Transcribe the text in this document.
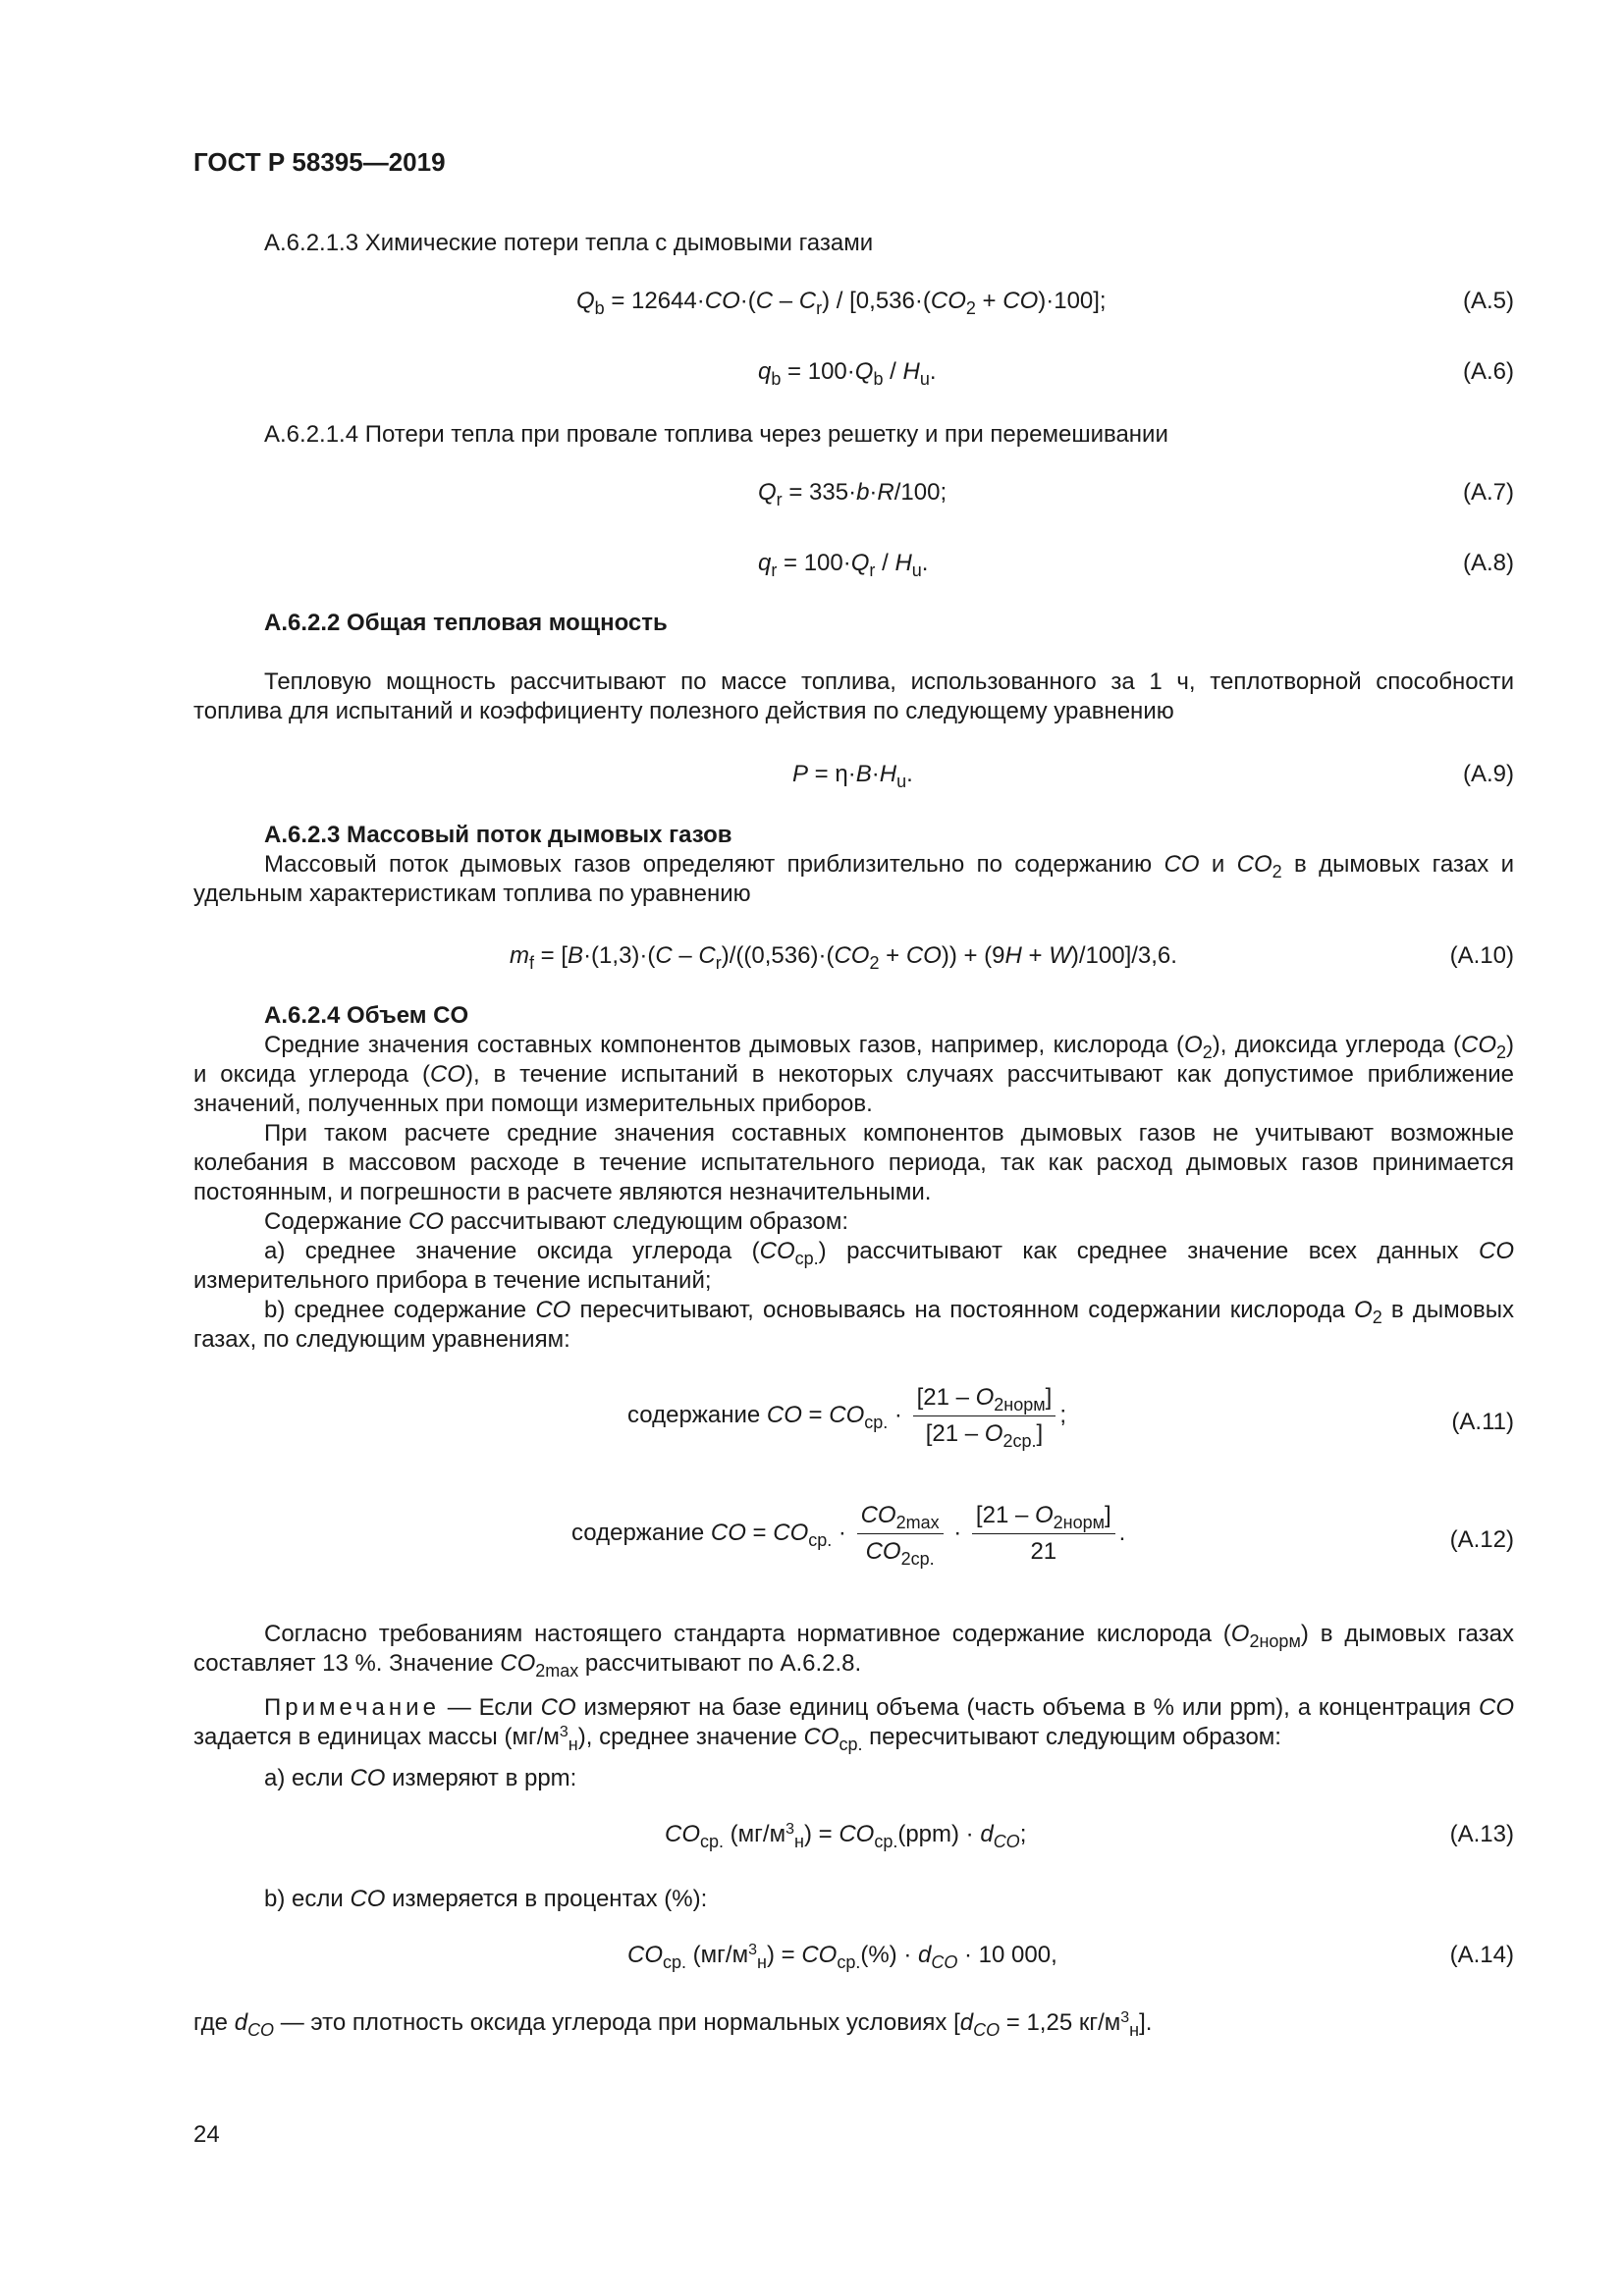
ГОСТ Р 58395—2019
А.6.2.1.3 Химические потери тепла с дымовыми газами
$Q_b = 12644\cdot CO\cdot(C - C_r) / [0,536\cdot(CO_2 + CO)\cdot 100]$;	(А.5)
$q_b = 100\cdot Q_b / H_u$.	(А.6)
А.6.2.1.4 Потери тепла при провале топлива через решетку и при перемешивании
$Q_r = 335\cdot b\cdot R/100$;	(А.7)
$q_r = 100\cdot Q_r / H_u$.	(А.8)
А.6.2.2 Общая тепловая мощность
Тепловую мощность рассчитывают по массе топлива, использованного за 1 ч, теплотворной способности топлива для испытаний и коэффициенту полезного действия по следующему уравнению
$P = \eta\cdot B\cdot H_u$.	(А.9)
А.6.2.3 Массовый поток дымовых газов
Массовый поток дымовых газов определяют приблизительно по содержанию CO и $CO_2$ в дымовых газах и удельным характеристикам топлива по уравнению
$m_f = [B\cdot(1,3)\cdot(C - C_r)/((0,536)\cdot(CO_2 + CO)) + (9H + W)/100]/3,6$.	(А.10)
А.6.2.4 Объем CO
Средние значения составных компонентов дымовых газов, например, кислорода $(O_2)$, диоксида углерода $(CO_2)$ и оксида углерода (CO), в течение испытаний в некоторых случаях рассчитывают как допустимое приближение значений, полученных при помощи измерительных приборов.
При таком расчете средние значения составных компонентов дымовых газов не учитывают возможные колебания в массовом расходе в течение испытательного периода, так как расход дымовых газов принимается постоянным, и погрешности в расчете являются незначительными.
Содержание CO рассчитывают следующим образом:
a) среднее значение оксида углерода $(CO_{ср.})$ рассчитывают как среднее значение всех данных CO измерительного прибора в течение испытаний;
b) среднее содержание CO пересчитывают, основываясь на постоянном содержании кислорода $O_2$ в дымовых газах, по следующим уравнениям:
содержание CO = $CO_{ср.} \cdot \frac{[21 - O_{2норм}]}{[21 - O_{2ср.}]}$ ;	(А.11)
содержание CO = $CO_{ср.} \cdot \frac{CO_{2max}}{CO_{2ср.}} \cdot \frac{[21 - O_{2норм}]}{21}$ .	(А.12)
Согласно требованиям настоящего стандарта нормативное содержание кислорода $(O_{2норм})$ в дымовых газах составляет 13 %. Значение $CO_{2max}$ рассчитывают по А.6.2.8.
Примечание — Если CO измеряют на базе единиц объема (часть объема в % или ppm), а концентрация CO задается в единицах массы $(мг/м^3_н)$, среднее значение $CO_{ср.}$ пересчитывают следующим образом:
a) если CO измеряют в ppm:
$CO_{ср.}$ $(мг/м^3_н) = CO_{ср.}(ppm) \cdot d_{CO}$;	(А.13)
b) если CO измеряется в процентах (%):
$CO_{ср.}$ $(мг/м^3_н) = CO_{ср.}(\%) \cdot d_{CO} \cdot 10$ 000,	(А.14)
где $d_{CO}$ — это плотность оксида углерода при нормальных условиях [$d_{CO} = 1,25$ $кг/м^3_н$].
24
